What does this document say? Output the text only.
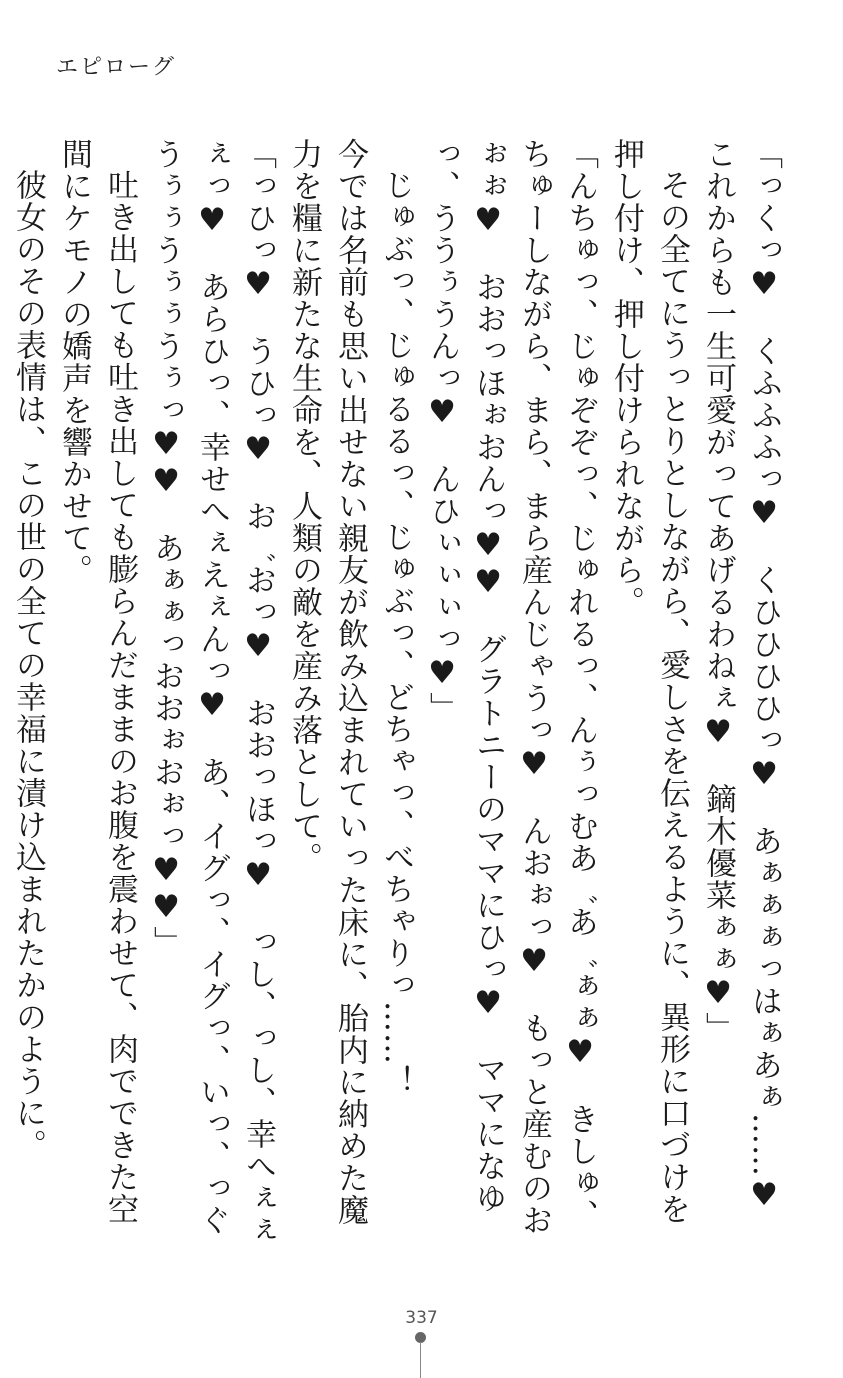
エピローグ

「っくっ♥　くふふふっ♥　くひひひひっ♥　あぁぁぁっはぁあぁ……♥　これからも一生可愛がってあげるわねぇ♥　鏑木優菜ぁぁ♥」

その全てにうっとりとしながら、愛しさを伝えるように、異形に口づけを押し付け、押し付けられながら。

「んちゅっ、じゅぞぞっ、じゅれるっ、んぅっむあ゛あ゛ぁぁ♥　きしゅ、ちゅーしながら、まら、まら産んじゃうっ♥　んおぉっ♥　もっと産むのおぉぉ♥　おおっほぉおんっ♥♥　グラトニーのママにひっ♥　ママになゆっ、ううぅうんっ♥　んひぃぃぃっ♥」

じゅぶっ、じゅるるっ、じゅぶっ、どちゃっ、べちゃりっ……！

今では名前も思い出せない親友が飲み込まれていった床に、胎内に納めた魔力を糧に新たな生命を、人類の敵を産み落として。

「っひっ♥　うひっ♥　お゛おっ♥　おおっほっ♥　っし、っし、幸へぇぇぇっ♥　あらひっ、幸せへぇえぇんっ♥　あ、イグっ、イグっ、いっ、っぐうぅぅうぅぅうぅっ♥♥　あぁぁっおおぉおぉっ♥♥」

吐き出しても吐き出しても膨らんだままのお腹を震わせて、肉でできた空間にケモノの嬌声を響かせて。

彼女のその表情は、この世の全ての幸福に漬け込まれたかのように。

337
